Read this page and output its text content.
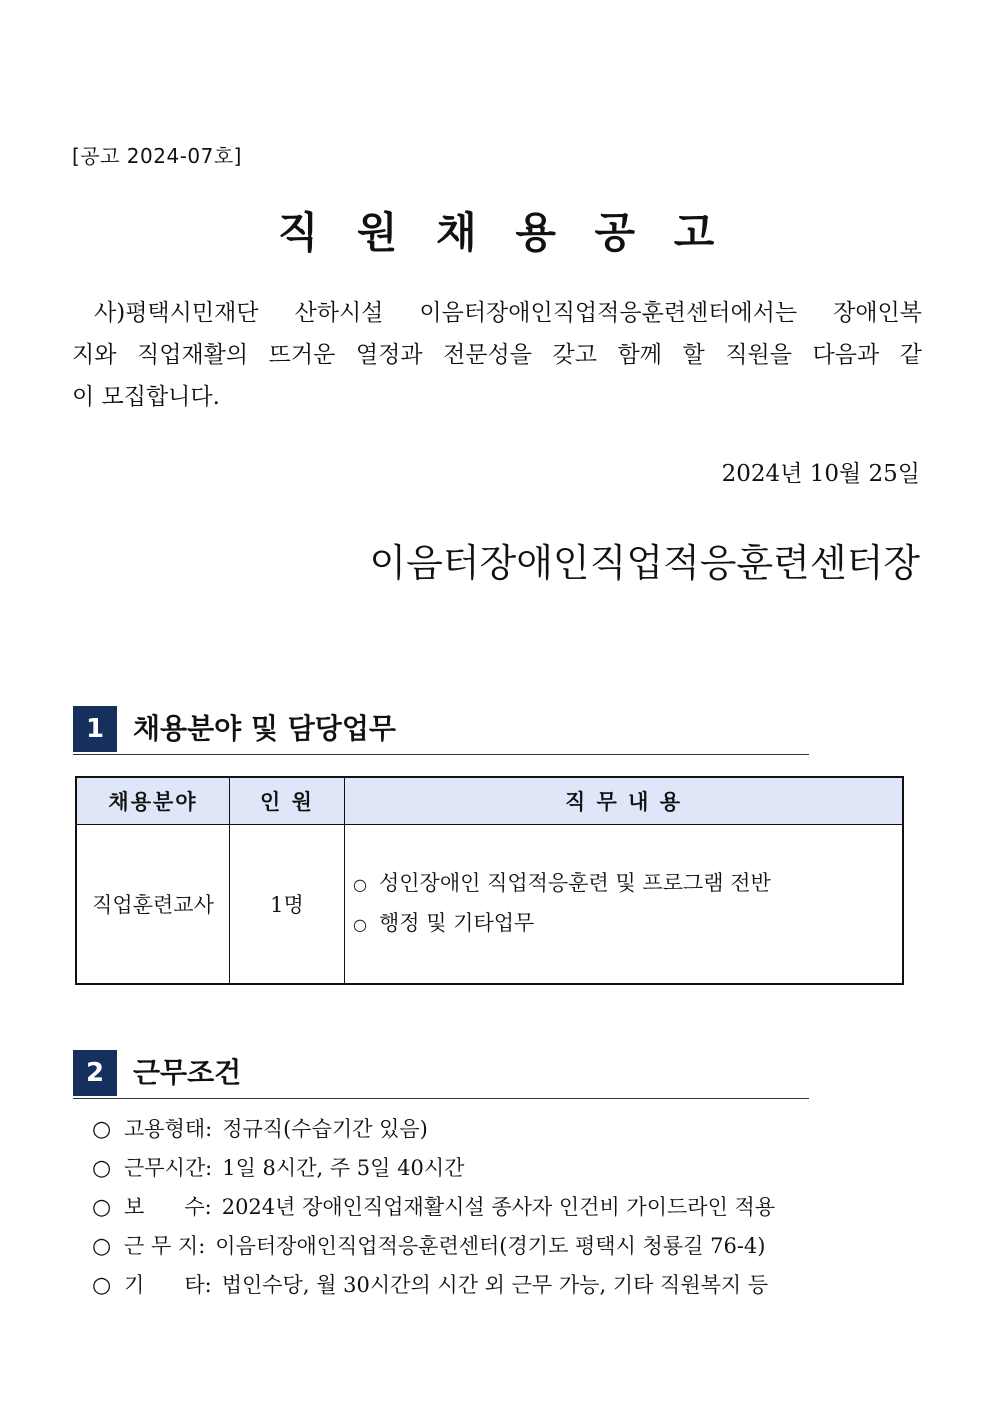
[공고 2024-07호]
직 원 채 용 공 고
사)평택시민재단 산하시설 이음터장애인직업적응훈련센터에서는 장애인복
지와 직업재활의 뜨거운 열정과 전문성을 갖고 함께 할 직원을 다음과 같
이 모집합니다.
2024년 10월 25일
이음터장애인직업적응훈련센터장
1	채용분야 및 담당업무
채용분야	인 원	직 무 내 용
직업훈련교사	1명	○ 성인장애인 직업적응훈련 및 프로그램 전반
○ 행정 및 기타업무
2	근무조건
○ 고용형태 : 정규직(수습기간 있음)
○ 근무시간 : 1일 8시간, 주 5일 40시간
○ 보      수 : 2024년 장애인직업재활시설 종사자 인건비 가이드라인 적용
○ 근 무 지 : 이음터장애인직업적응훈련센터(경기도 평택시 청룡길 76-4)
○ 기      타 : 법인수당, 월 30시간의 시간 외 근무 가능, 기타 직원복지 등
